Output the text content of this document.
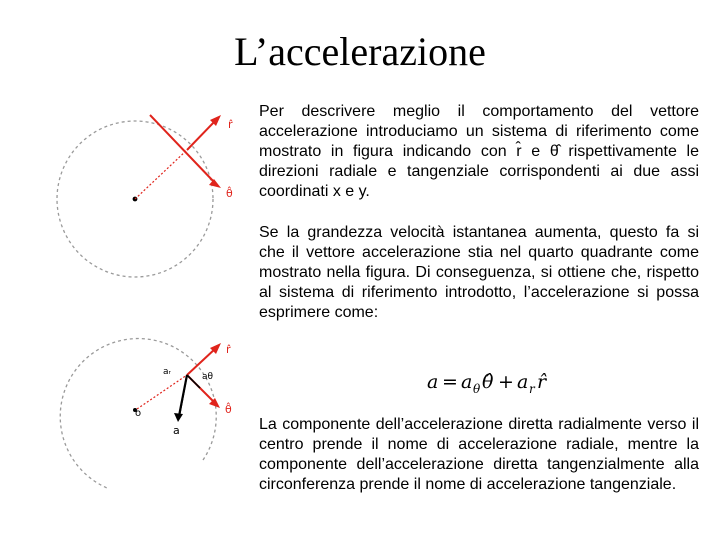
L’accelerazione
r̂
θ̂
r̂
θ̂
aᵣ	aθ
a
o
Per descrivere meglio il comportamento del vettore accelerazione introduciamo un sistema di riferimento come mostrato in figura indicando con r̂ e θ̂ rispettivamente le direzioni radiale e tangenziale corrispondenti ai due assi coordinati x e y.
Se la grandezza velocità istantanea aumenta, questo fa si che il vettore accelerazione stia nel quarto quadrante come mostrato nella figura. Di conseguenza, si ottiene che, rispetto al sistema di riferimento introdotto, l’accelerazione si possa esprimere come:
a = a θ θ̂ + a r r̂
La componente dell’accelerazione diretta radialmente verso il centro prende il nome di accelerazione radiale, mentre la componente dell’accelerazione diretta tangenzialmente alla circonferenza prende il nome di accelerazione tangenziale.
